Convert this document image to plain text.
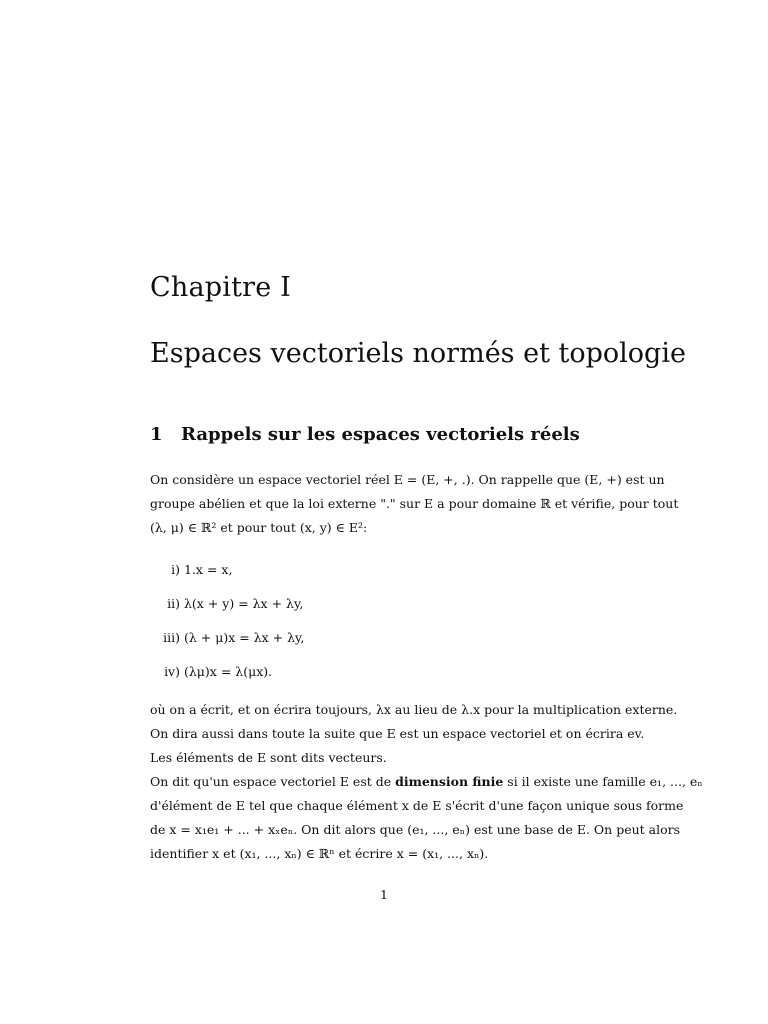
Chapitre I
Espaces vectoriels normés et topologie
1 Rappels sur les espaces vectoriels réels
On considère un espace vectoriel réel E = (E, +, .). On rappelle que (E, +) est un
groupe abélien et que la loi externe "." sur E a pour domaine ℝ et vérifie, pour tout
(λ, μ) ∈ ℝ² et pour tout (x, y) ∈ E²:
i) 1.x = x,
ii) λ(x + y) = λx + λy,
iii) (λ + μ)x = λx + λy,
iv) (λμ)x = λ(μx).
où on a écrit, et on écrira toujours, λx au lieu de λ.x pour la multiplication externe.
On dira aussi dans toute la suite que E est un espace vectoriel et on écrira ev.
Les éléments de E sont dits vecteurs.
On dit qu'un espace vectoriel E est de dimension finie si il existe une famille e₁, ..., eₙ
d'élément de E tel que chaque élément x de E s'écrit d'une façon unique sous forme
de x = x₁e₁ + ... + xₓeₙ. On dit alors que (e₁, ..., eₙ) est une base de E. On peut alors
identifier x et (x₁, ..., xₙ) ∈ ℝⁿ et écrire x = (x₁, ..., xₙ).
1
